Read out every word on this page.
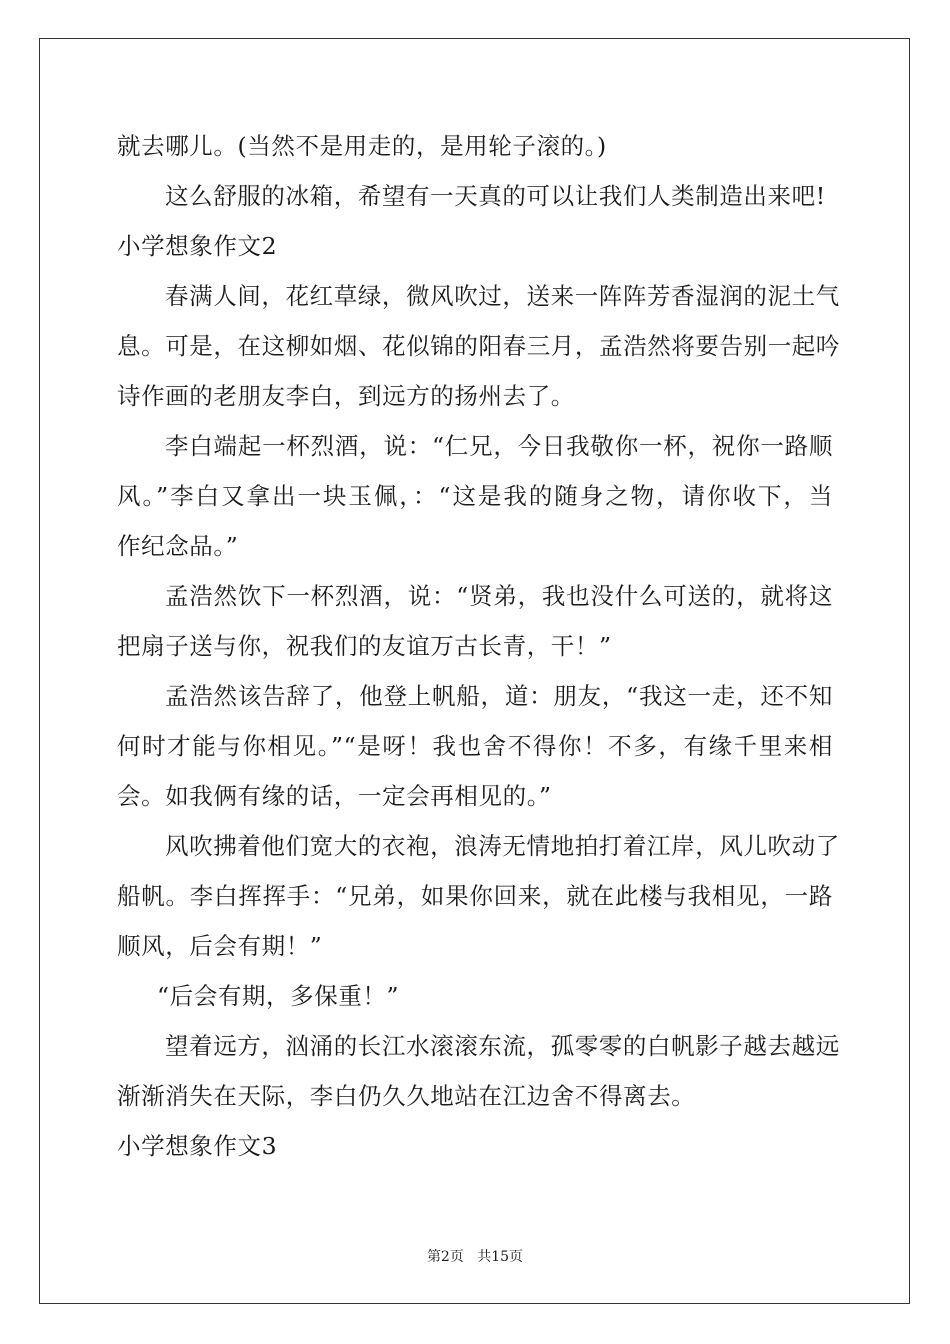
就去哪儿。(当然不是用走的，是用轮子滚的。)
这么舒服的冰箱，希望有一天真的可以让我们人类制造出来吧!
小学想象作文2
春满人间，花红草绿，微风吹过，送来一阵阵芳香湿润的泥土气
息。可是，在这柳如烟、花似锦的阳春三月，孟浩然将要告别一起吟
诗作画的老朋友李白，到远方的扬州去了。
李白端起一杯烈酒，说：“仁兄，今日我敬你一杯，祝你一路顺
风。”李白又拿出一块玉佩，：“这是我的随身之物，请你收下，当
作纪念品。”
孟浩然饮下一杯烈酒，说：“贤弟，我也没什么可送的，就将这
把扇子送与你，祝我们的友谊万古长青，干！”
孟浩然该告辞了，他登上帆船，道：朋友，“我这一走，还不知
何时才能与你相见。”“是呀！我也舍不得你！不多，有缘千里来相
会。如我俩有缘的话，一定会再相见的。”
风吹拂着他们宽大的衣袍，浪涛无情地拍打着江岸，风儿吹动了
船帆。李白挥挥手：“兄弟，如果你回来，就在此楼与我相见，一路
顺风，后会有期！”
“后会有期，多保重！”
望着远方，汹涌的长江水滚滚东流，孤零零的白帆影子越去越远
渐渐消失在天际，李白仍久久地站在江边舍不得离去。
小学想象作文3
第2页 共15页
